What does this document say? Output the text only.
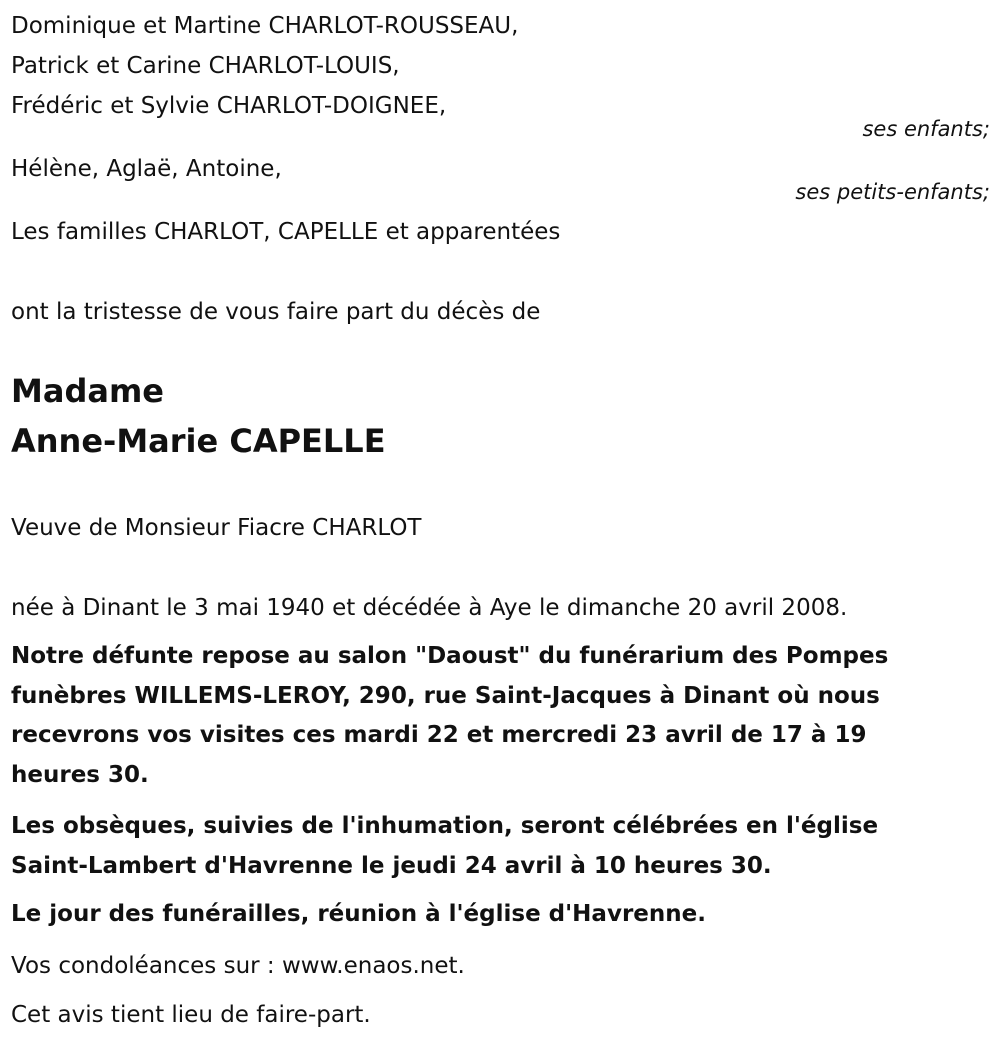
Dominique et Martine CHARLOT-ROUSSEAU,
Patrick et Carine CHARLOT-LOUIS,
Frédéric et Sylvie CHARLOT-DOIGNEE,
ses enfants;
Hélène, Aglaë, Antoine,
ses petits-enfants;
Les familles CHARLOT, CAPELLE et apparentées
ont la tristesse de vous faire part du décès de
Madame
Anne-Marie CAPELLE
Veuve de Monsieur Fiacre CHARLOT
née à Dinant le 3 mai 1940 et décédée à Aye le dimanche 20 avril 2008.
Notre défunte repose au salon "Daoust" du funérarium des Pompes
funèbres WILLEMS-LEROY, 290, rue Saint-Jacques à Dinant où nous
recevrons vos visites ces mardi 22 et mercredi 23 avril de 17 à 19
heures 30.
Les obsèques, suivies de l'inhumation, seront célébrées en l'église
Saint-Lambert d'Havrenne le jeudi 24 avril à 10 heures 30.
Le jour des funérailles, réunion à l'église d'Havrenne.
Vos condoléances sur : www.enaos.net.
Cet avis tient lieu de faire-part.
